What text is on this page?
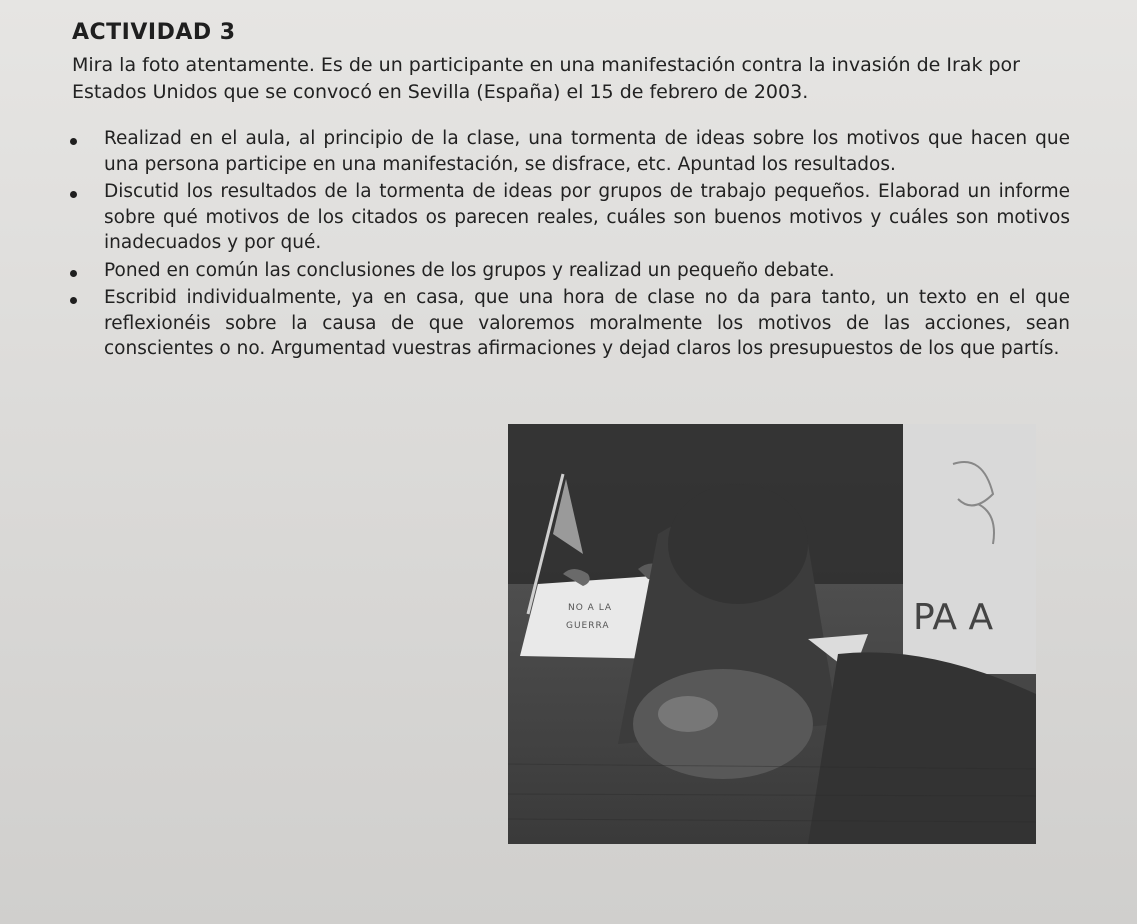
ACTIVIDAD 3
Mira la foto atentamente. Es de un participante en una manifestación contra la invasión de Irak por Estados Unidos que se convocó en Sevilla (España) el 15 de febrero de 2003.
Realizad en el aula, al principio de la clase, una tormenta de ideas sobre los motivos que hacen que una persona participe en una manifestación, se disfrace, etc. Apuntad los resultados.
Discutid los resultados de la tormenta de ideas por grupos de trabajo pequeños. Elaborad un informe sobre qué motivos de los citados os parecen reales, cuáles son buenos motivos y cuáles son motivos inadecuados y por qué.
Poned en común las conclusiones de los grupos y realizad un pequeño debate.
Escribid individualmente, ya en casa, que una hora de clase no da para tanto, un texto en el que reflexionéis sobre la causa de que valoremos moralmente los motivos de las acciones, sean conscientes o no. Argumentad vuestras afirmaciones y dejad claros los presupuestos de los que partís.
NO A LA
GUERRA	PA A
